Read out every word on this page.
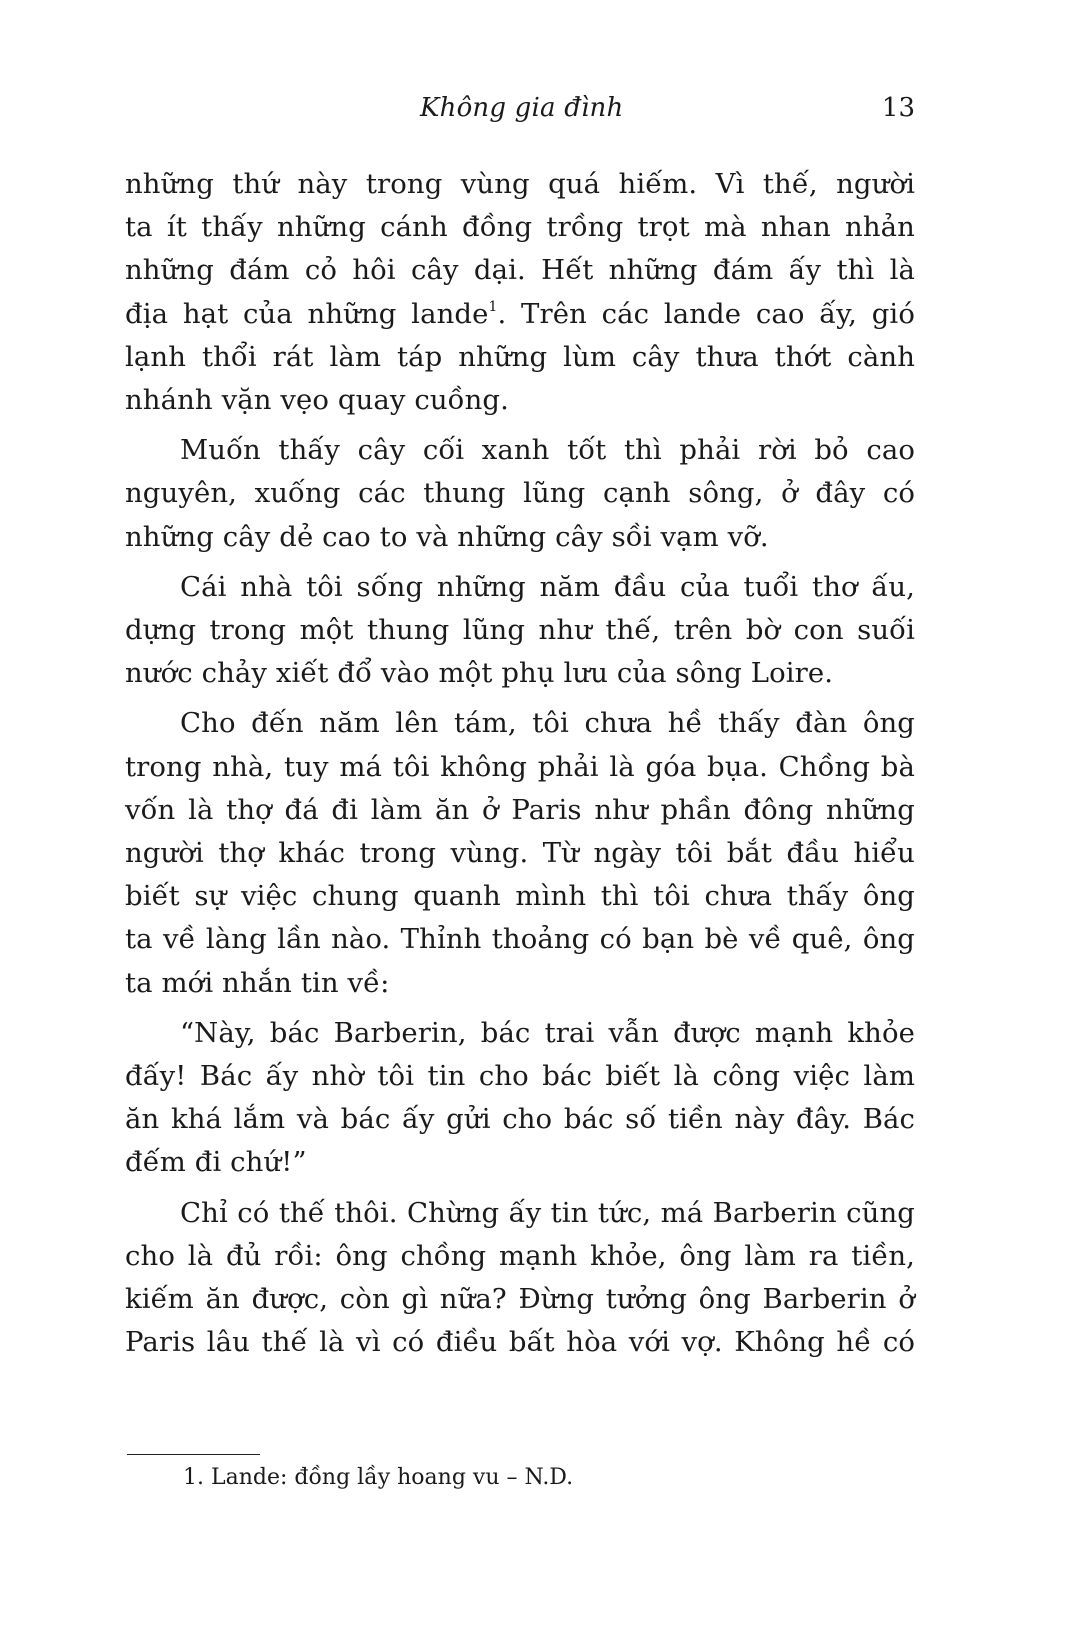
Không gia đình	13

những thứ này trong vùng quá hiếm. Vì thế, người
ta ít thấy những cánh đồng trồng trọt mà nhan nhản
những đám cỏ hôi cây dại. Hết những đám ấy thì là
địa hạt của những lande$^1$. Trên các lande cao ấy, gió
lạnh thổi rát làm táp những lùm cây thưa thớt cành
nhánh vặn vẹo quay cuồng.

Muốn thấy cây cối xanh tốt thì phải rời bỏ cao
nguyên, xuống các thung lũng cạnh sông, ở đây có
những cây dẻ cao to và những cây sồi vạm vỡ.

Cái nhà tôi sống những năm đầu của tuổi thơ ấu,
dựng trong một thung lũng như thế, trên bờ con suối
nước chảy xiết đổ vào một phụ lưu của sông Loire.

Cho đến năm lên tám, tôi chưa hề thấy đàn ông
trong nhà, tuy má tôi không phải là góa bụa. Chồng bà
vốn là thợ đá đi làm ăn ở Paris như phần đông những
người thợ khác trong vùng. Từ ngày tôi bắt đầu hiểu
biết sự việc chung quanh mình thì tôi chưa thấy ông
ta về làng lần nào. Thỉnh thoảng có bạn bè về quê, ông
ta mới nhắn tin về:

“Này, bác Barberin, bác trai vẫn được mạnh khỏe
đấy! Bác ấy nhờ tôi tin cho bác biết là công việc làm
ăn khá lắm và bác ấy gửi cho bác số tiền này đây. Bác
đếm đi chứ!”

Chỉ có thế thôi. Chừng ấy tin tức, má Barberin cũng
cho là đủ rồi: ông chồng mạnh khỏe, ông làm ra tiền,
kiếm ăn được, còn gì nữa? Đừng tưởng ông Barberin ở
Paris lâu thế là vì có điều bất hòa với vợ. Không hề có

1. Lande: đồng lầy hoang vu – N.D.
